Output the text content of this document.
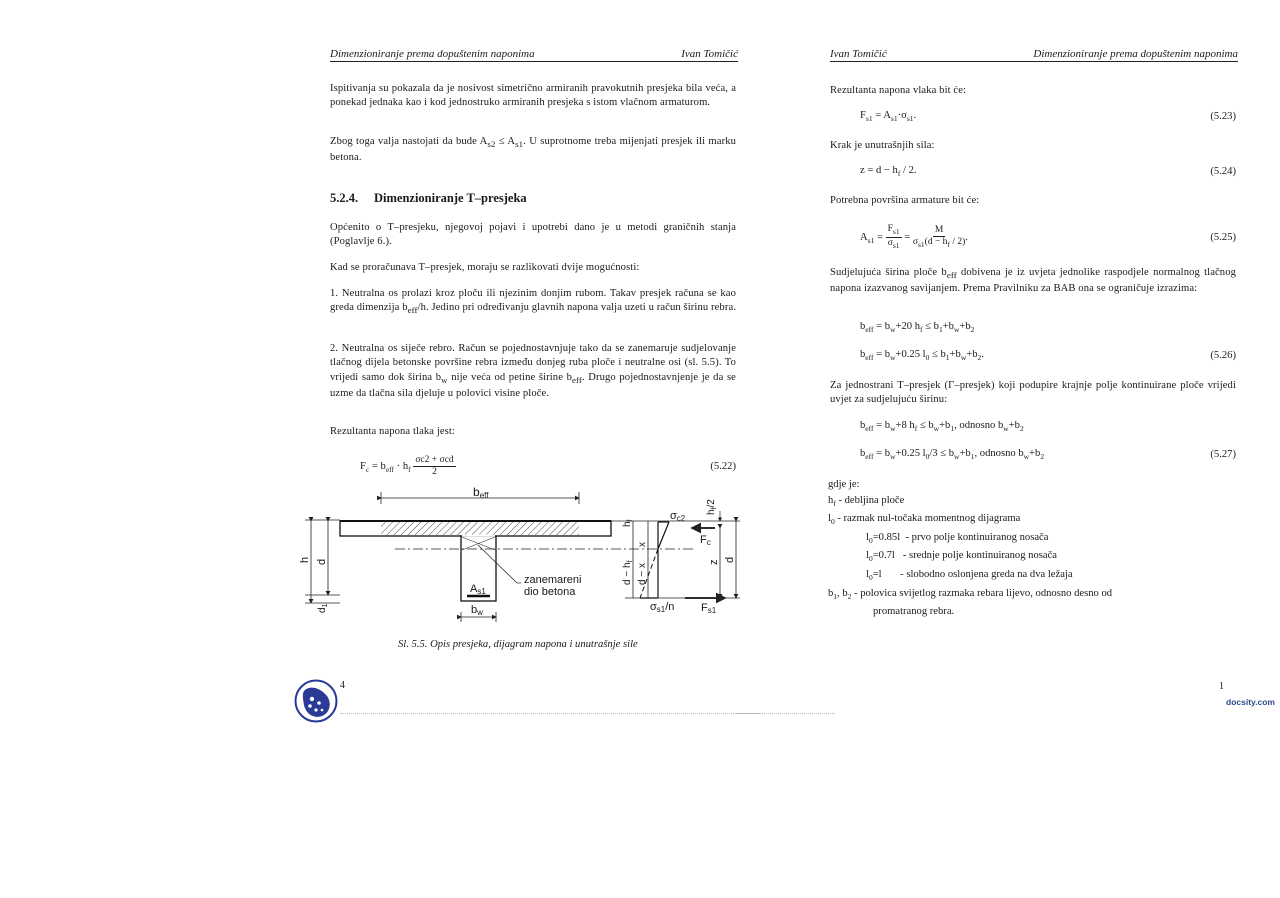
Dimenzioniranje prema dopuštenim naponima	Ivan Tomičić
Ispitivanja su pokazala da je nosivost simetrično armiranih pravokutnih presjeka bila veća, a ponekad jednaka kao i kod jednostruko armiranih presjeka s istom vlačnom armaturom.
Zbog toga valja nastojati da bude $A_{s2} \le A_{s1}$. U suprotnome treba mijenjati presjek ili marku betona.
5.2.4. Dimenzioniranje T–presjeka
Općenito o T–presjeku, njegovoj pojavi i upotrebi dano je u metodi graničnih stanja (Poglavlje 6.).
Kad se proračunava T–presjek, moraju se razlikovati dvije mogućnosti:
1. Neutralna os prolazi kroz ploču ili njezinim donjim rubom. Takav presjek računa se kao greda dimenzija $b_{eff}/h$. Jedino pri određivanju glavnih napona valja uzeti u račun širinu rebra.
2. Neutralna os siječe rebro. Račun se pojednostavnjuje tako da se zanemaruje sudjelovanje tlačnog dijela betonske površine rebra između donjeg ruba ploče i neutralne osi (sl. 5.5). To vrijedi samo dok širina $b_w$ nije veća od petine širine $b_{eff}$. Drugo pojednostavnjenje je da se uzme da tlačna sila djeluje u polovici visine ploče.
Rezultanta napona tlaka jest:
$F_c = b_{eff} \cdot h_f \frac{\text{σc2 + σcd}}{2}$	(5.22)
beff
zanemareni
dio betona
As1
bw
h d
$d_1$
$h_f$
x
$d - h_f$
d − x
σc2
σs1/n
Fc
Fs1
z d
$h_f/2$
Sl. 5.5. Opis presjeka, dijagram napona i unutrašnje sile
4
Ivan Tomičić	Dimenzioniranje prema dopuštenim naponima
Rezultanta napona vlaka bit će:
$F_{s1} = A_{s1}\cdot\sigma_{s1}$.	(5.23)
Krak je unutrašnjih sila:
$z = d - h_f / 2$.	(5.24)
Potrebna površina armature bit će:
$A_{s1} = \frac{F_{s1}}{\sigma_{s1}} = \frac{M}{\sigma_{s1}(d - h_f / 2)}$ .	(5.25)
Sudjelujuća širina ploče $b_{eff}$ dobivena je iz uvjeta jednolike raspodjele normalnog tlačnog napona izazvanog savijanjem. Prema Pravilniku za BAB ona se ograničuje izrazima:
$b_{eff} = b_w+20$ $h_f \le b_1+b_w+b_2$
$b_{eff} = b_w+0.25$ $l_0 \le b_1+b_w+b_2$.	(5.26)
Za jednostrani T–presjek (Γ–presjek) koji podupire krajnje polje kontinuirane ploče vrijedi uvjet za sudjelujuću širinu:
$b_{eff} = b_w+8$ $h_f \le b_w+b_1$, odnosno $b_w+b_2$
$b_{eff} = b_w+0.25$ $l_0/3 \le b_w+b_1$, odnosno $b_w+b_2$	(5.27)
gdje je:
$h_f$ - debljina ploče
$l_0$ - razmak nul-točaka momentnog dijagrama
$l_0=0.85l$  - prvo polje kontinuiranog nosača
$l_0=0.7l$   - srednje polje kontinuiranog nosača
$l_0=l$       - slobodno oslonjena greda na dva ležaja
$b_1$, $b_2$ - polovica svijetlog razmaka rebara lijevo, odnosno desno od
promatranog rebra.
1
docsity.com
